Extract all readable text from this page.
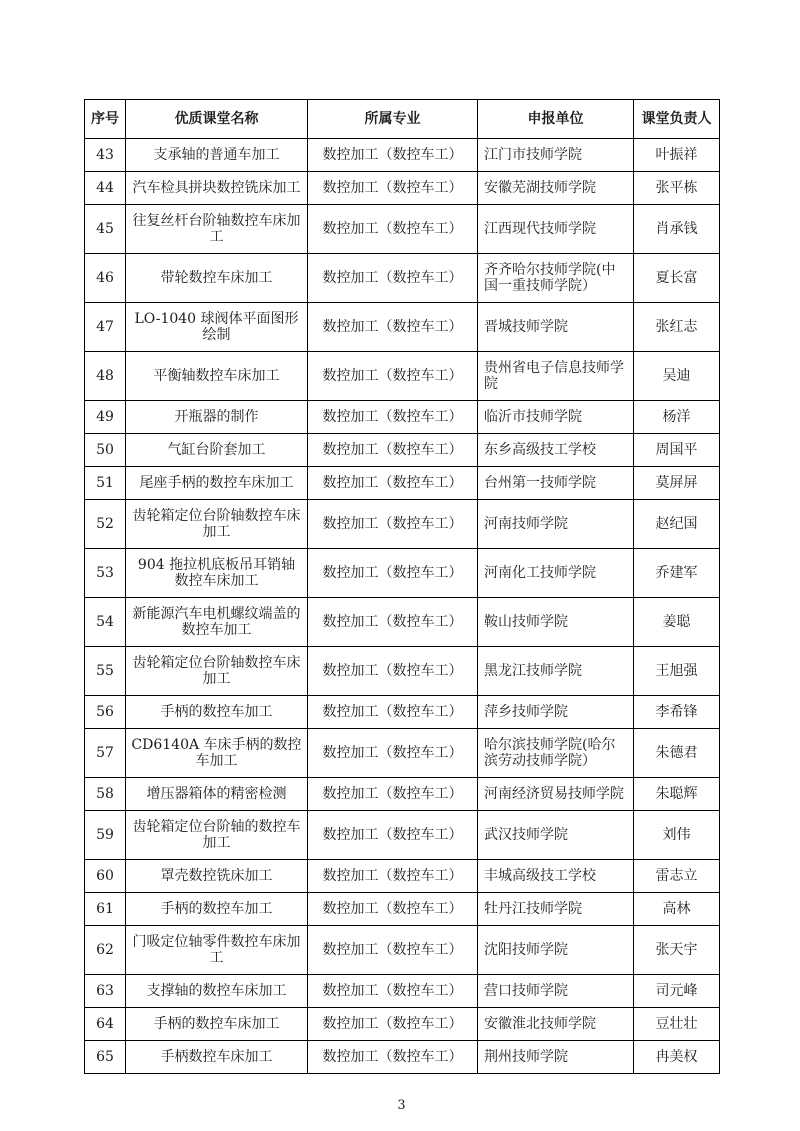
序号	优质课堂名称	所属专业	申报单位	课堂负责人
43	支承轴的普通车加工	数控加工（数控车工）	江门市技师学院	叶振祥
44	汽车检具拼块数控铣床加工	数控加工（数控车工）	安徽芜湖技师学院	张平栋
45	往复丝杆台阶轴数控车床加工	数控加工（数控车工）	江西现代技师学院	肖承钱
46	带轮数控车床加工	数控加工（数控车工）	齐齐哈尔技师学院(中国一重技师学院）	夏长富
47	LO-1040 球阀体平面图形绘制	数控加工（数控车工）	晋城技师学院	张红志
48	平衡轴数控车床加工	数控加工（数控车工）	贵州省电子信息技师学院	吴迪
49	开瓶器的制作	数控加工（数控车工）	临沂市技师学院	杨洋
50	气缸台阶套加工	数控加工（数控车工）	东乡高级技工学校	周国平
51	尾座手柄的数控车床加工	数控加工（数控车工）	台州第一技师学院	莫屏屏
52	齿轮箱定位台阶轴数控车床加工	数控加工（数控车工）	河南技师学院	赵纪国
53	904 拖拉机底板吊耳销轴数控车床加工	数控加工（数控车工）	河南化工技师学院	乔建军
54	新能源汽车电机螺纹端盖的数控车加工	数控加工（数控车工）	鞍山技师学院	姜聪
55	齿轮箱定位台阶轴数控车床加工	数控加工（数控车工）	黑龙江技师学院	王旭强
56	手柄的数控车加工	数控加工（数控车工）	萍乡技师学院	李希锋
57	CD6140A 车床手柄的数控车加工	数控加工（数控车工）	哈尔滨技师学院(哈尔滨劳动技师学院）	朱德君
58	增压器箱体的精密检测	数控加工（数控车工）	河南经济贸易技师学院	朱聪辉
59	齿轮箱定位台阶轴的数控车加工	数控加工（数控车工）	武汉技师学院	刘伟
60	罩壳数控铣床加工	数控加工（数控车工）	丰城高级技工学校	雷志立
61	手柄的数控车加工	数控加工（数控车工）	牡丹江技师学院	高林
62	门吸定位轴零件数控车床加工	数控加工（数控车工）	沈阳技师学院	张天宇
63	支撑轴的数控车床加工	数控加工（数控车工）	营口技师学院	司元峰
64	手柄的数控车床加工	数控加工（数控车工）	安徽淮北技师学院	豆壮壮
65	手柄数控车床加工	数控加工（数控车工）	荆州技师学院	冉美权
3
